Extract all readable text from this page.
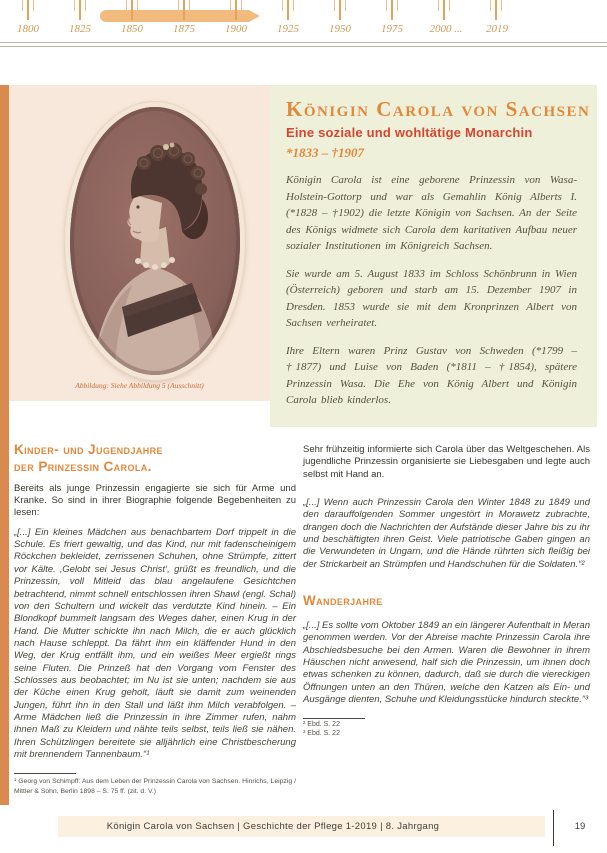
1800	1825	1850	1875	1900	1925	1950	1975 2000 ... 2019
Abbildung: Siehe Abbildung 5 (Ausschnitt)
Königin Carola von Sachsen
Eine soziale und wohltätige Monarchin
*1833 – †1907

Königin Carola ist eine geborene Prinzessin von Wasa-Holstein-Gottorp und war als Gemahlin König Alberts I. (*1828 – †1902) die letzte Königin von Sachsen. An der Seite des Königs widmete sich Carola dem karitativen Aufbau neuer sozialer Institutionen im Königreich Sachsen.

Sie wurde am 5. August 1833 im Schloss Schönbrunn in Wien (Österreich) geboren und starb am 15. Dezember 1907 in Dresden. 1853 wurde sie mit dem Kronprinzen Albert von Sachsen verheiratet.

Ihre Eltern waren Prinz Gustav von Schweden (*1799 – †1877) und Luise von Baden (*1811 – †1854), spätere Prinzessin Wasa. Die Ehe von König Albert und Königin Carola blieb kinderlos.

Kinder- und Jugendjahre
der Prinzessin Carola.

Bereits als junge Prinzessin engagierte sie sich für Arme und Kranke. So sind in ihrer Biographie folgende Begebenheiten zu lesen:

„[...] Ein kleines Mädchen aus benachbartem Dorf trippelt in die Schule. Es friert gewaltig, und das Kind, nur mit fadenscheinigem Röckchen bekleidet, zerrissenen Schuhen, ohne Strümpfe, zittert vor Kälte. ‚Gelobt sei Jesus Christ‘, grüßt es freundlich, und die Prinzessin, voll Mitleid das blau angelaufene Gesichtchen betrachtend, nimmt schnell entschlossen ihren Shawl (engl. Schal) von den Schultern und wickelt das verdutzte Kind hinein. – Ein Blondkopf bummelt langsam des Weges daher, einen Krug in der Hand. Die Mutter schickte ihn nach Milch, die er auch glücklich nach Hause schleppt. Da fährt ihm ein kläffender Hund in den Weg, der Krug entfällt ihm, und ein weißes Meer ergießt rings seine Fluten. Die Prinzeß hat den Vorgang vom Fenster des Schlosses aus beobachtet; im Nu ist sie unten; nachdem sie aus der Küche einen Krug geholt, läuft sie damit zum weinenden Jungen, führt ihn in den Stall und läßt ihm Milch verabfolgen. – Arme Mädchen ließ die Prinzessin in ihre Zimmer rufen, nahm ihnen Maß zu Kleidern und nähte teils selbst, teils ließ sie nähen. Ihren Schützlingen bereitete sie alljährlich eine Christbescherung mit brennendem Tannenbaum.“¹

¹ Georg von Schimpff: Aus dem Leben der Prinzessin Carola von Sachsen. Hinrichs, Leipzig / Mittler & Sohn, Berlin 1898 – S. 75 ff. (zit. d. V.)

Sehr frühzeitig informierte sich Carola über das Weltgeschehen. Als jugendliche Prinzessin organisierte sie Liebesgaben und legte auch selbst mit Hand an.

„[...] Wenn auch Prinzessin Carola den Winter 1848 zu 1849 und den darauffolgenden Sommer ungestört in Morawetz zubrachte, drangen doch die Nachrichten der Aufstände dieser Jahre bis zu ihr und beschäftigten ihren Geist. Viele patriotische Gaben gingen an die Verwundeten in Ungarn, und die Hände rührten sich fleißig bei der Strickarbeit an Strümpfen und Handschuhen für die Soldaten.“²

Wanderjahre

„[...] Es sollte vom Oktober 1849 an ein längerer Aufenthalt in Meran genommen werden. Vor der Abreise machte Prinzessin Carola ihre Abschiedsbesuche bei den Armen. Waren die Bewohner in ihrem Häuschen nicht anwesend, half sich die Prinzessin, um ihnen doch etwas schenken zu können, dadurch, daß sie durch die viereckigen Öffnungen unten an den Thüren, welche den Katzen als Ein- und Ausgänge dienten, Schuhe und Kleidungsstücke hindurch steckte.“³

² Ebd. S. 22
³ Ebd. S. 22
Königin Carola von Sachsen | Geschichte der Pflege 1-2019 | 8. Jahrgang	19
